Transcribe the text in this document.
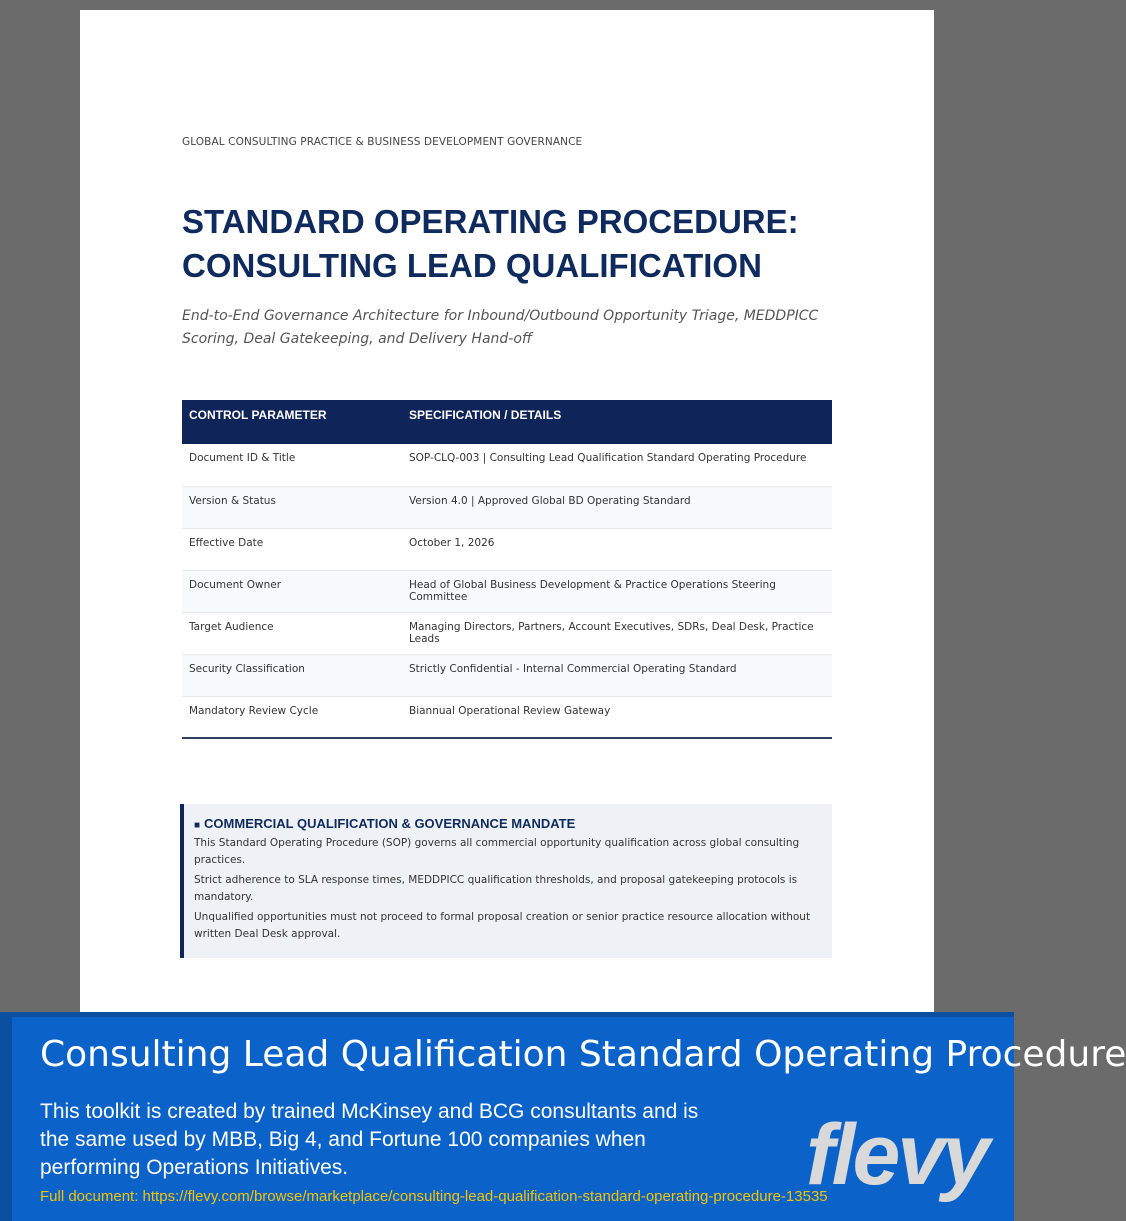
GLOBAL CONSULTING PRACTICE & BUSINESS DEVELOPMENT GOVERNANCE
STANDARD OPERATING PROCEDURE:
CONSULTING LEAD QUALIFICATION

End-to-End Governance Architecture for Inbound/Outbound Opportunity Triage, MEDDPICC Scoring, Deal Gatekeeping, and Delivery Hand-off

CONTROL PARAMETER	SPECIFICATION / DETAILS
Document ID & Title	SOP-CLQ-003 | Consulting Lead Qualification Standard Operating Procedure
Version & Status	Version 4.0 | Approved Global BD Operating Standard
Effective Date	October 1, 2026
Document Owner	Head of Global Business Development & Practice Operations Steering Committee
Target Audience	Managing Directors, Partners, Account Executives, SDRs, Deal Desk, Practice Leads
Security Classification	Strictly Confidential - Internal Commercial Operating Standard
Mandatory Review Cycle	Biannual Operational Review Gateway
■ COMMERCIAL QUALIFICATION & GOVERNANCE MANDATE

This Standard Operating Procedure (SOP) governs all commercial opportunity qualification across global consulting practices.

Strict adherence to SLA response times, MEDDPICC qualification thresholds, and proposal gatekeeping protocols is mandatory.

Unqualified opportunities must not proceed to formal proposal creation or senior practice resource allocation without written Deal Desk approval.

Consulting Lead Qualification Standard Operating Procedure

This toolkit is created by trained McKinsey and BCG consultants and is the same used by MBB, Big 4, and Fortune 100 companies when performing Operations Initiatives.

Full document: https://flevy.com/browse/marketplace/consulting-lead-qualification-standard-operating-procedure-13535

flevy
